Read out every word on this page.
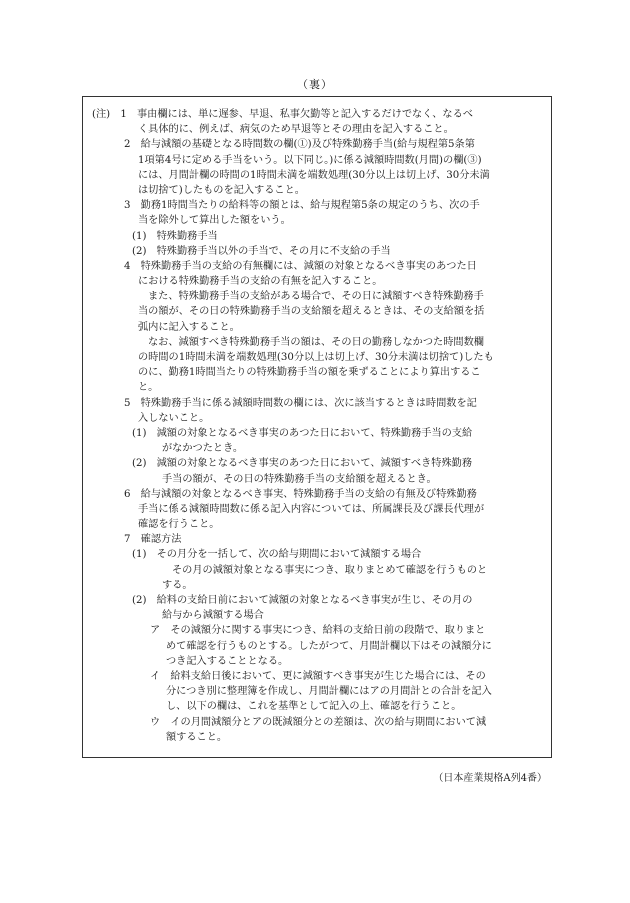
（裏）
(注)　1　事由欄には、単に遅参、早退、私事欠勤等と記入するだけでなく、なるべ
く具体的に、例えば、病気のため早退等とその理由を記入すること。
2　給与減額の基礎となる時間数の欄(①)及び特殊勤務手当(給与規程第5条第
1項第4号に定める手当をいう。以下同じ。)に係る減額時間数(月間)の欄(③)
には、月間計欄の時間の1時間未満を端数処理(30分以上は切上げ、30分未満
は切捨て)したものを記入すること。
3　勤務1時間当たりの給料等の額とは、給与規程第5条の規定のうち、次の手
当を除外して算出した額をいう。
(1)　特殊勤務手当
(2)　特殊勤務手当以外の手当で、その月に不支給の手当
4　特殊勤務手当の支給の有無欄には、減額の対象となるべき事実のあつた日
における特殊勤務手当の支給の有無を記入すること。
また、特殊勤務手当の支給がある場合で、その日に減額すべき特殊勤務手
当の額が、その日の特殊勤務手当の支給額を超えるときは、その支給額を括
弧内に記入すること。
なお、減額すべき特殊勤務手当の額は、その日の勤務しなかつた時間数欄
の時間の1時間未満を端数処理(30分以上は切上げ、30分未満は切捨て)したも
のに、勤務1時間当たりの特殊勤務手当の額を乗ずることにより算出するこ
と。
5　特殊勤務手当に係る減額時間数の欄には、次に該当するときは時間数を記
入しないこと。
(1)　減額の対象となるべき事実のあつた日において、特殊勤務手当の支給
がなかつたとき。
(2)　減額の対象となるべき事実のあつた日において、減額すべき特殊勤務
手当の額が、その日の特殊勤務手当の支給額を超えるとき。
6　給与減額の対象となるべき事実、特殊勤務手当の支給の有無及び特殊勤務
手当に係る減額時間数に係る記入内容については、所属課長及び課長代理が
確認を行うこと。
7　確認方法
(1)　その月分を一括して、次の給与期間において減額する場合
その月の減額対象となる事実につき、取りまとめて確認を行うものと
する。
(2)　給料の支給日前において減額の対象となるべき事実が生じ、その月の
給与から減額する場合
ア　その減額分に関する事実につき、給料の支給日前の段階で、取りまと
めて確認を行うものとする。したがつて、月間計欄以下はその減額分に
つき記入することとなる。
イ　給料支給日後において、更に減額すべき事実が生じた場合には、その
分につき別に整理簿を作成し、月間計欄にはアの月間計との合計を記入
し、以下の欄は、これを基準として記入の上、確認を行うこと。
ウ　イの月間減額分とアの既減額分との差額は、次の給与期間において減
額すること。
（日本産業規格A列4番）
